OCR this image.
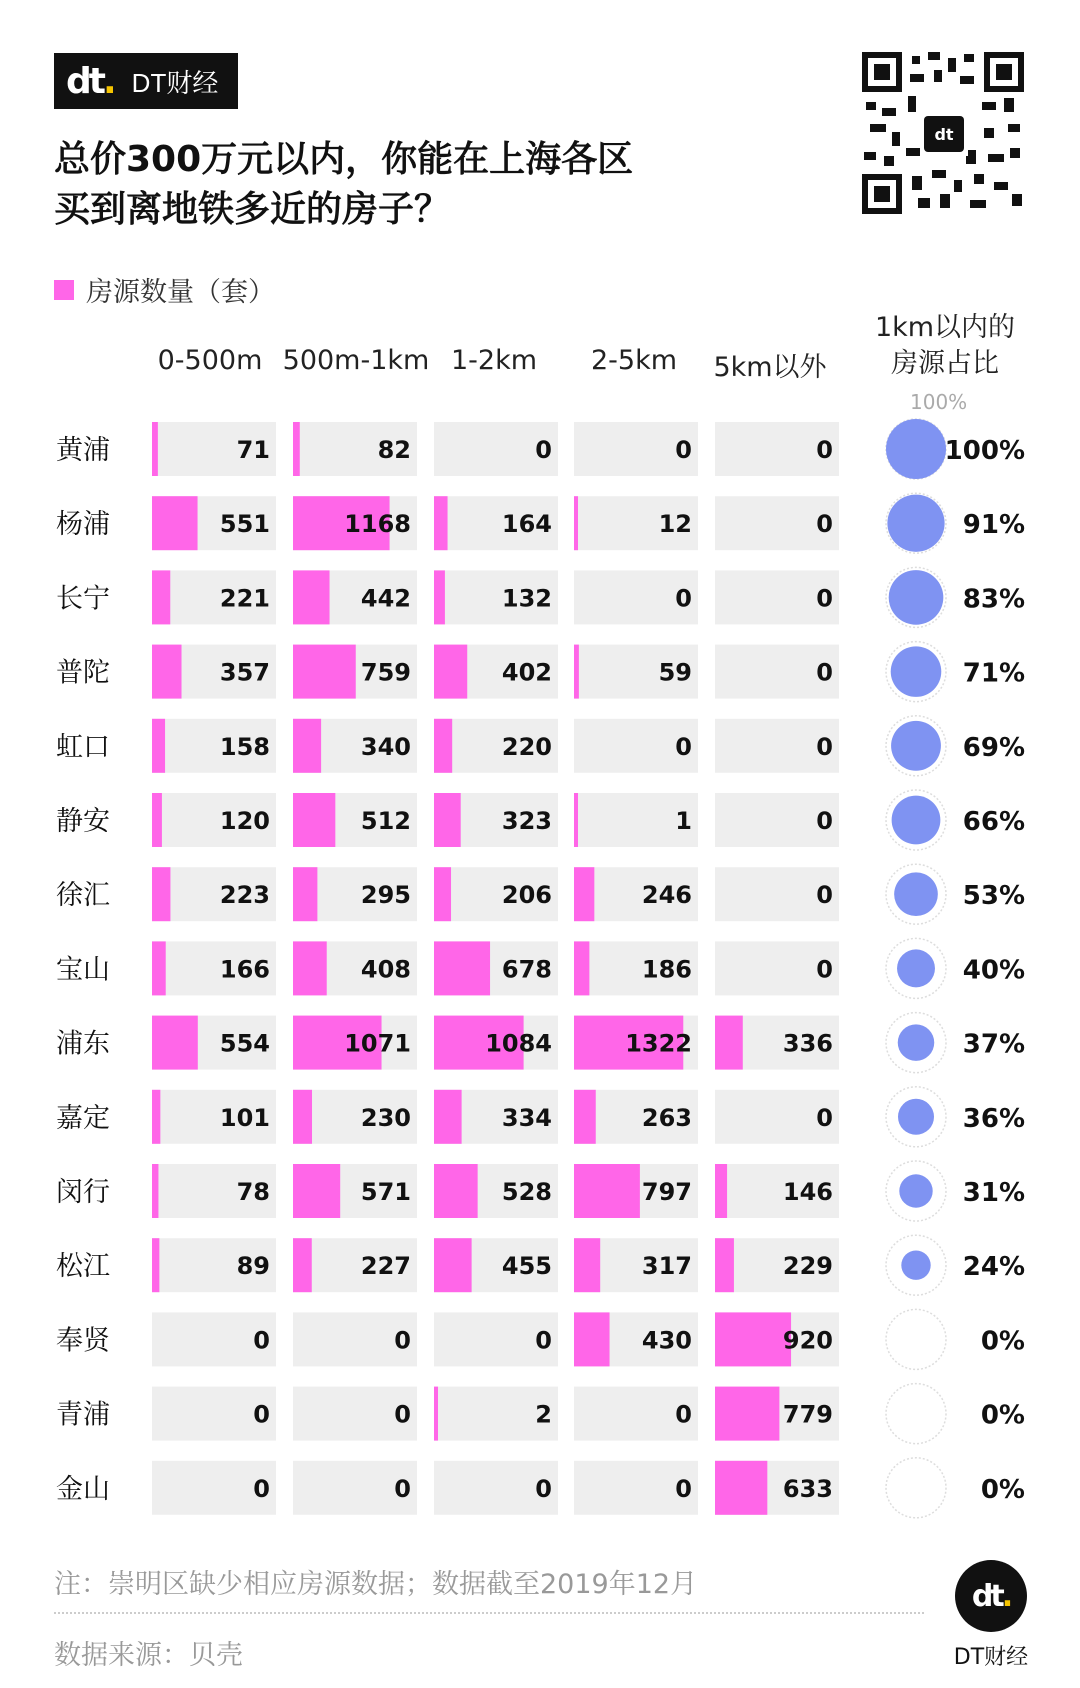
dt. DT财经
总价300万元以内，你能在上海各区
买到离地铁多近的房子？
dt
房源数量（套）
0-500m 500m-1km 1-2km	2-5km	5km以外
1km以内的
房源占比
100%
黄浦	71	82	0	0	0	100%
杨浦	551	1168	164	12	0	91%
长宁	221	442	132	0	0	83%
普陀	357	759	402	59	0	71%
虹口	158	340	220	0	0	69%
静安	120	512	323	1	0	66%
徐汇	223	295	206	246	0	53%
宝山	166	408	678	186	0	40%
浦东	554	1071	1084	1322	336	37%
嘉定	101	230	334	263	0	36%
闵行	78	571	528	797	146	31%
松江	89	227	455	317	229	24%
奉贤	0	0	0	430	920	0%
青浦	0	0	2	0	779	0%
金山	0	0	0	0	633	0%
注：崇明区缺少相应房源数据；数据截至2019年12月
数据来源：贝壳
dt .
DT财经
